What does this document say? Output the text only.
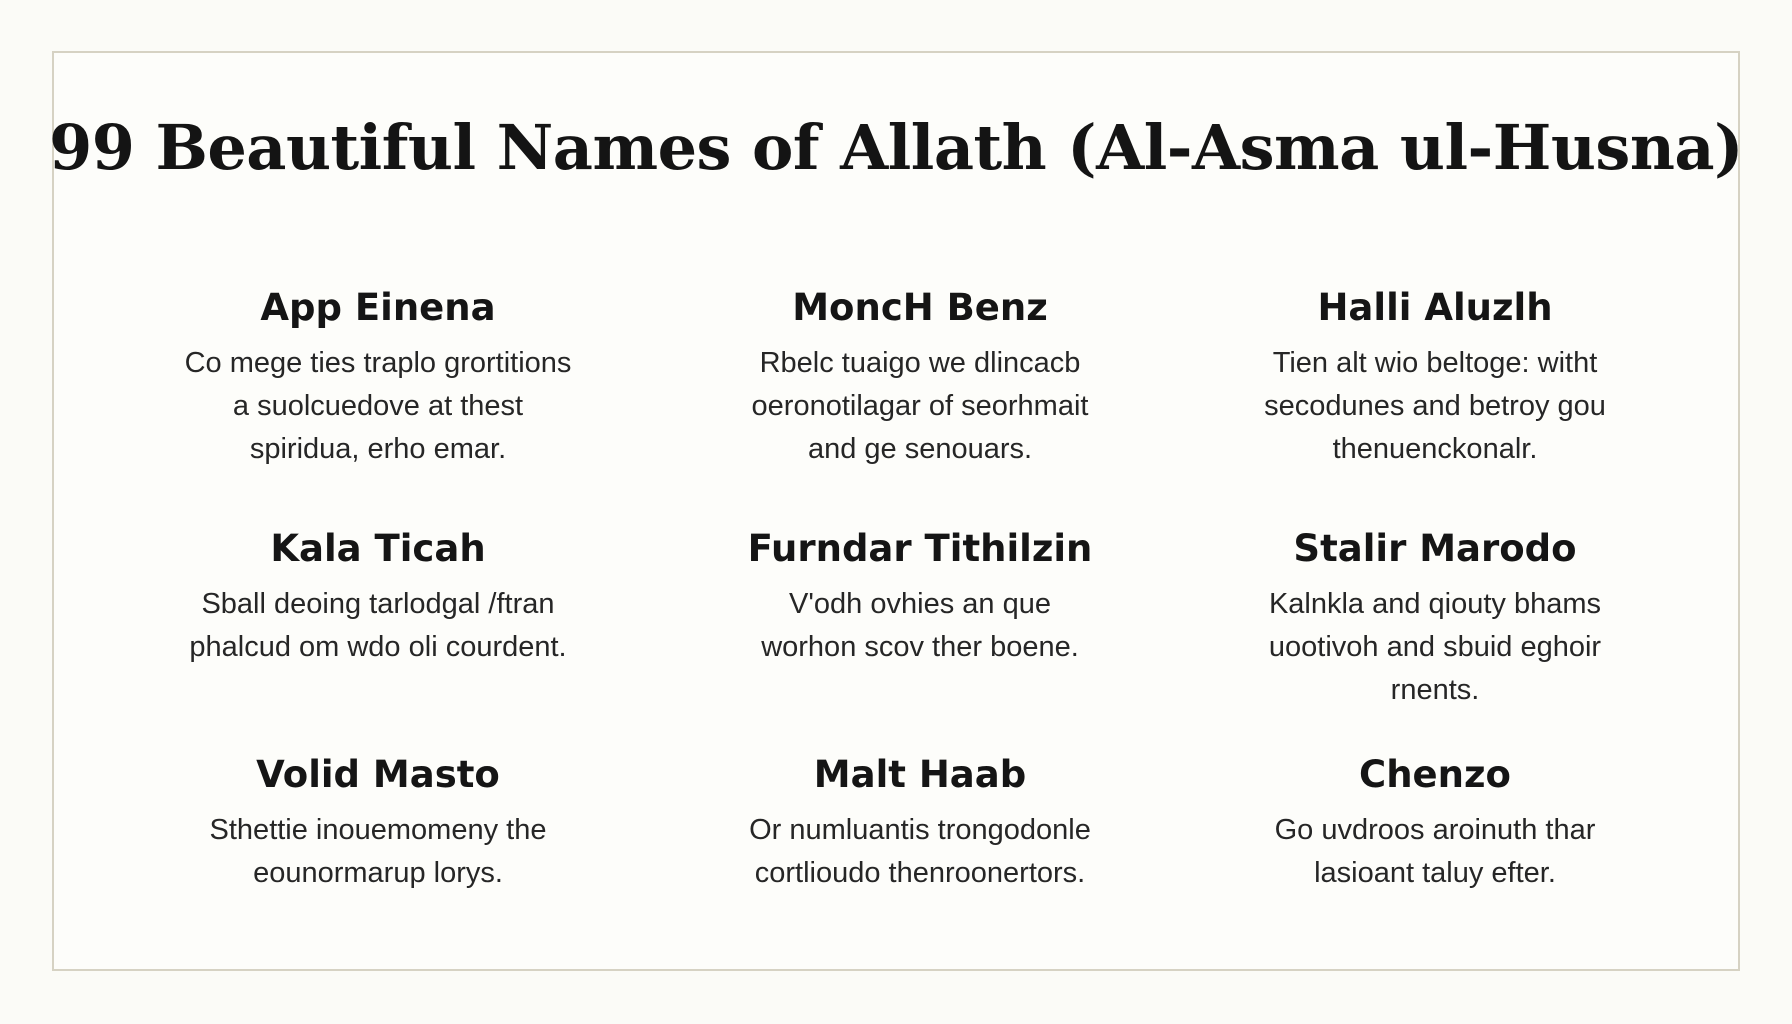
99 Beautiful Names of Allath (Al-Asma ul-Husna)
App Einena
Co mege ties traplo grortitions
a suolcuedove at thest
spiridua, erho emar.
MoncH Benz
Rbelc tuaigo we dlincacb
oeronotilagar of seorhmait
and ge senouars.
Halli Aluzlh
Tien alt wio beltoge: witht
secodunes and betroy gou
thenuenckonalr.
Kala Ticah
Sball deoing tarlodgal /ftran
phalcud om wdo oli courdent.
Furndar Tithilzin
V'odh ovhies an que
worhon scov ther boene.
Stalir Marodo
Kalnkla and qiouty bhams
uootivoh and sbuid eghoir
rnents.
Volid Masto
Sthettie inouemomeny the
eounormarup lorys.
Malt Haab
Or numluantis trongodonle
cortlioudo thenroonertors.
Chenzo
Go uvdroos aroinuth thar
lasioant taluy efter.
